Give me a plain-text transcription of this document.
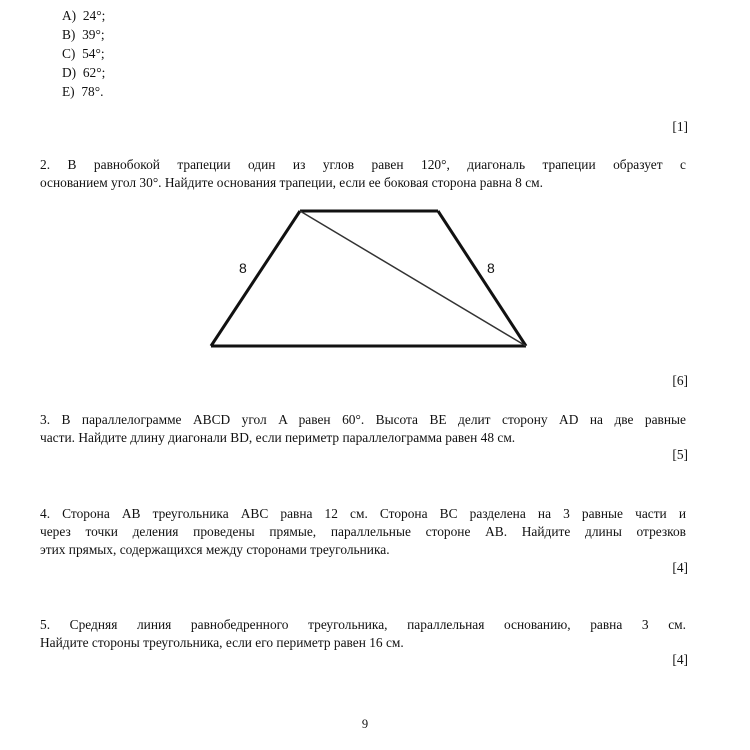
A) 24°;
B) 39°;
C) 54°;
D) 62°;
E) 78°.
[1]
2. В равнобокой трапеции один из углов равен 120°, диагональ трапеции образует с
основанием угол 30°. Найдите основания трапеции, если ее боковая сторона равна 8 см.
8	8
[6]
3. В параллелограмме ABCD угол A равен 60°. Высота BE делит сторону AD на две равные
части. Найдите длину диагонали BD, если периметр параллелограмма равен 48 см.
[5]
4. Сторона AB треугольника ABC равна 12 см. Сторона BC разделена на 3 равные части и
через точки деления проведены прямые, параллельные стороне AB. Найдите длины отрезков
этих прямых, содержащихся между сторонами треугольника.
[4]
5. Средняя линия равнобедренного треугольника, параллельная основанию, равна 3 см.
Найдите стороны треугольника, если его периметр равен 16 см.
[4]
9
